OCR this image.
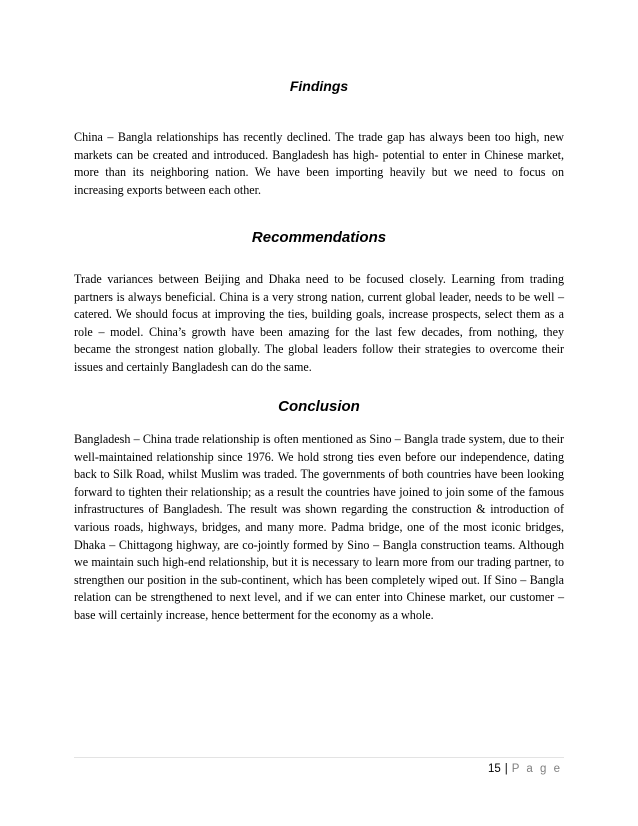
Findings

China – Bangla relationships has recently declined. The trade gap has always been too high, new markets can be created and introduced. Bangladesh has high- potential to enter in Chinese market, more than its neighboring nation. We have been importing heavily but we need to focus on increasing exports between each other.

Recommendations

Trade variances between Beijing and Dhaka need to be focused closely. Learning from trading partners is always beneficial. China is a very strong nation, current global leader, needs to be well – catered. We should focus at improving the ties, building goals, increase prospects, select them as a role – model. China’s growth have been amazing for the last few decades, from nothing, they became the strongest nation globally. The global leaders follow their strategies to overcome their issues and certainly Bangladesh can do the same.

Conclusion

Bangladesh – China trade relationship is often mentioned as Sino – Bangla trade system, due to their well-maintained relationship since 1976. We hold strong ties even before our independence, dating back to Silk Road, whilst Muslim was traded. The governments of both countries have been looking forward to tighten their relationship; as a result the countries have joined to join some of the famous infrastructures of Bangladesh. The result was shown regarding the construction & introduction of various roads, highways, bridges, and many more. Padma bridge, one of the most iconic bridges, Dhaka – Chittagong highway, are co-jointly formed by Sino – Bangla construction teams. Although we maintain such high-end relationship, but it is necessary to learn more from our trading partner, to strengthen our position in the sub-continent, which has been completely wiped out. If Sino – Bangla relation can be strengthened to next level, and if we can enter into Chinese market, our customer – base will certainly increase, hence betterment for the economy as a whole.

15 | P a g e
